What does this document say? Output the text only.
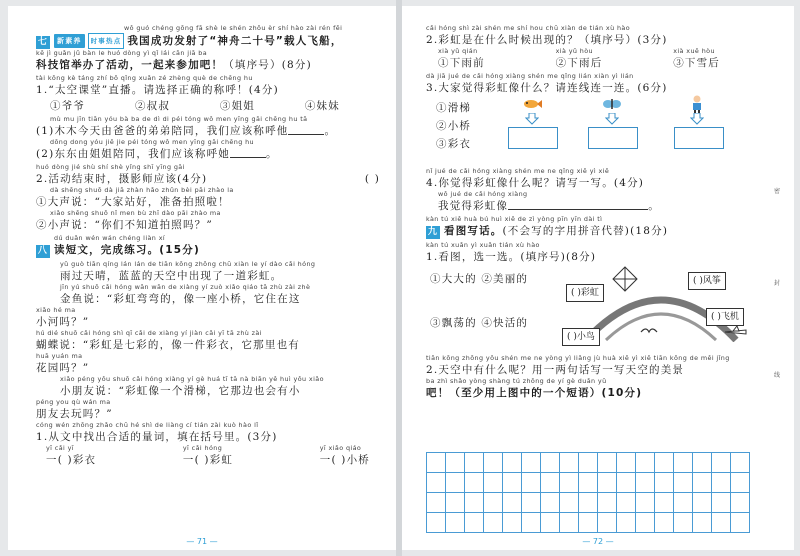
wǒ guó chéng gōng fā shè le shén zhōu èr shí hào zài rén fēi
七 新素养 时事热点 我国成功发射了“神舟二十号”载人飞船，
kē jì guǎn jǔ bàn le huó dòng yì qǐ lái cān jiā ba
科技馆举办了活动，一起来参加吧！（填序号）(8分)
tài kōng kè táng zhí bō qǐng xuǎn zé zhèng què de chēng hu
1.“太空课堂”直播。请选择正确的称呼！(4分)
①爷爷	②叔叔	③姐姐	④妹妹
mù mu jīn tiān yóu bà ba de dì di péi tóng wǒ men yīng gāi chēng hu tā
(1)木木今天由爸爸的弟弟陪同，我们应该称呼他	。
dōng dong yóu jiě jie péi tóng wǒ men yīng gāi chēng hu
(2)东东由姐姐陪同，我们应该称呼她	。
huó dòng jié shù shí shè yǐng shī yīng gāi
2.活动结束时，摄影师应该(4分)	( )
dà shēng shuō dà jiā zhàn hǎo zhǔn bèi pāi zhào la
①大声说：“大家站好，准备拍照啦！
xiǎo shēng shuō nǐ men bù zhī dào pāi zhào ma
②小声说：“你们不知道拍照吗？”
dú duǎn wén wán chéng liàn xí
八 读短文，完成练习。(15分)
yǔ guò tiān qíng lán lán de tiān kōng zhōng chū xiàn le yí dào cǎi hóng
雨过天晴，蓝蓝的天空中出现了一道彩虹。
jīn yú shuō cǎi hóng wān wān de xiàng yí zuò xiǎo qiáo tā zhù zài zhè
金鱼说：“彩虹弯弯的，像一座小桥，它住在这
xiǎo hé ma
小河吗？”
hú dié shuō cǎi hóng shì qī cǎi de xiàng yí jiàn cǎi yī tā zhù zài
蝴蝶说：“彩虹是七彩的，像一件彩衣，它那里也有
huā yuán ma
花园吗？”
xiǎo péng yǒu shuō cǎi hóng xiàng yí gè huá tī tā nà biān yě huì yǒu xiǎo
小朋友说：“彩虹像一个滑梯，它那边也会有小
péng you qù wán ma
朋友去玩吗？”
cóng wén zhōng zhǎo chū hé shì de liàng cí tián zài kuò hào lǐ
1.从文中找出合适的量词，填在括号里。(3分)
yī cǎi yī
一( )彩衣
yī cǎi hóng
一( )彩虹
yī xiǎo qiáo
一( )小桥
— 71 —
cǎi hóng shì zài shén me shí hou chū xiàn de tián xù hào
2.彩虹是在什么时候出现的？（填序号）(3分)
xià yǔ qián
①下雨前
xià yǔ hòu
②下雨后
xià xuě hòu
③下雪后
dà jiā jué de cǎi hóng xiàng shén me qǐng lián xiàn yì lián
3.大家觉得彩虹像什么？请连线连一连。(6分)
①滑梯
②小桥
③彩衣
nǐ jué de cǎi hóng xiàng shén me ne qǐng xiě yì xiě
4.你觉得彩虹像什么呢？请写一写。(4分)
wǒ jué de cǎi hóng xiàng
我觉得彩虹像	。
kàn tú xiě huà bú huì xiě de zì yòng pīn yīn dài tì
九 看图写话。(不会写的字用拼音代替)(18分)
kàn tú xuǎn yì xuǎn tián xù hào
1.看图，选一选。(填序号)(8分)
①大大的 ②美丽的
③飘荡的 ④快活的
( )彩虹
( )风筝
( )小鸟
( )飞机
tiān kōng zhōng yǒu shén me ne yòng yì liǎng jù huà xiě yì xiě tiān kōng de měi jǐng
2.天空中有什么呢？用一两句话写一写天空的美景
ba zhì shǎo yòng shàng tú zhōng de yí gè duǎn yǔ
吧！（至少用上图中的一个短语）(10分)

密
封
线
— 72 —
